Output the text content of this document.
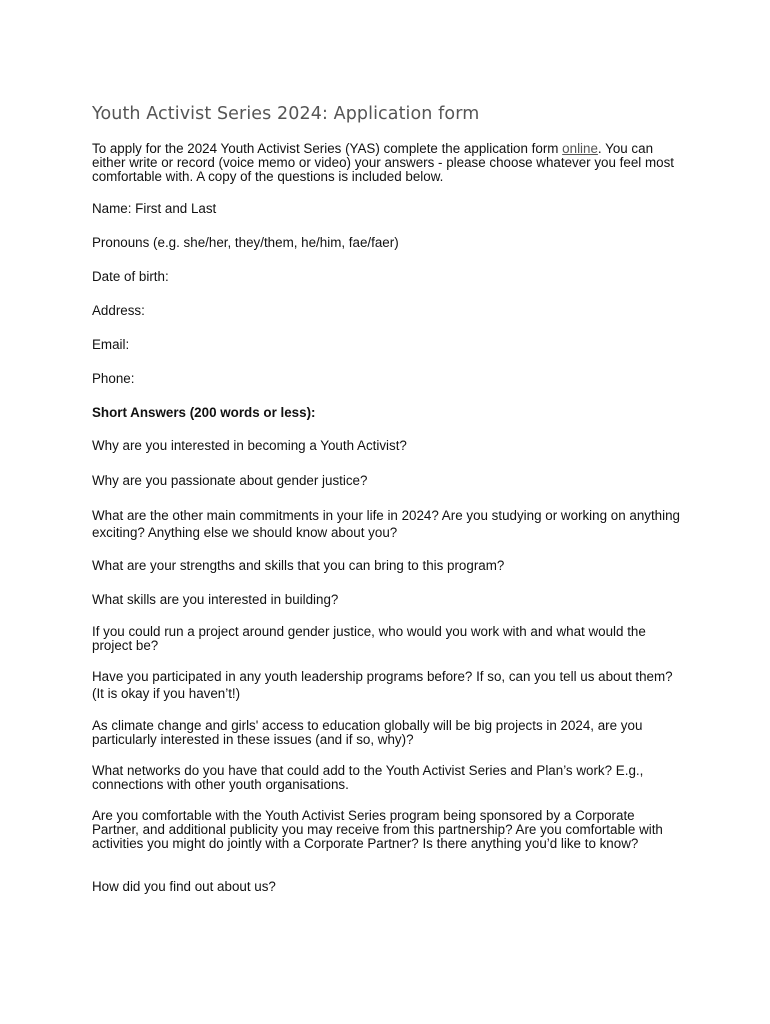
Youth Activist Series 2024: Application form

To apply for the 2024 Youth Activist Series (YAS) complete the application form online. You can either write or record (voice memo or video) your answers - please choose whatever you feel most comfortable with. A copy of the questions is included below.

Name: First and Last

Pronouns (e.g. she/her, they/them, he/him, fae/faer)

Date of birth:

Address:

Email:

Phone:

Short Answers (200 words or less):

Why are you interested in becoming a Youth Activist?

Why are you passionate about gender justice?

What are the other main commitments in your life in 2024? Are you studying or working on anything exciting? Anything else we should know about you?

What are your strengths and skills that you can bring to this program?

What skills are you interested in building?

If you could run a project around gender justice, who would you work with and what would the project be?

Have you participated in any youth leadership programs before? If so, can you tell us about them? (It is okay if you haven’t!)

As climate change and girls' access to education globally will be big projects in 2024, are you particularly interested in these issues (and if so, why)?

What networks do you have that could add to the Youth Activist Series and Plan’s work? E.g., connections with other youth organisations.

Are you comfortable with the Youth Activist Series program being sponsored by a Corporate Partner, and additional publicity you may receive from this partnership? Are you comfortable with activities you might do jointly with a Corporate Partner? Is there anything you’d like to know?

How did you find out about us?
